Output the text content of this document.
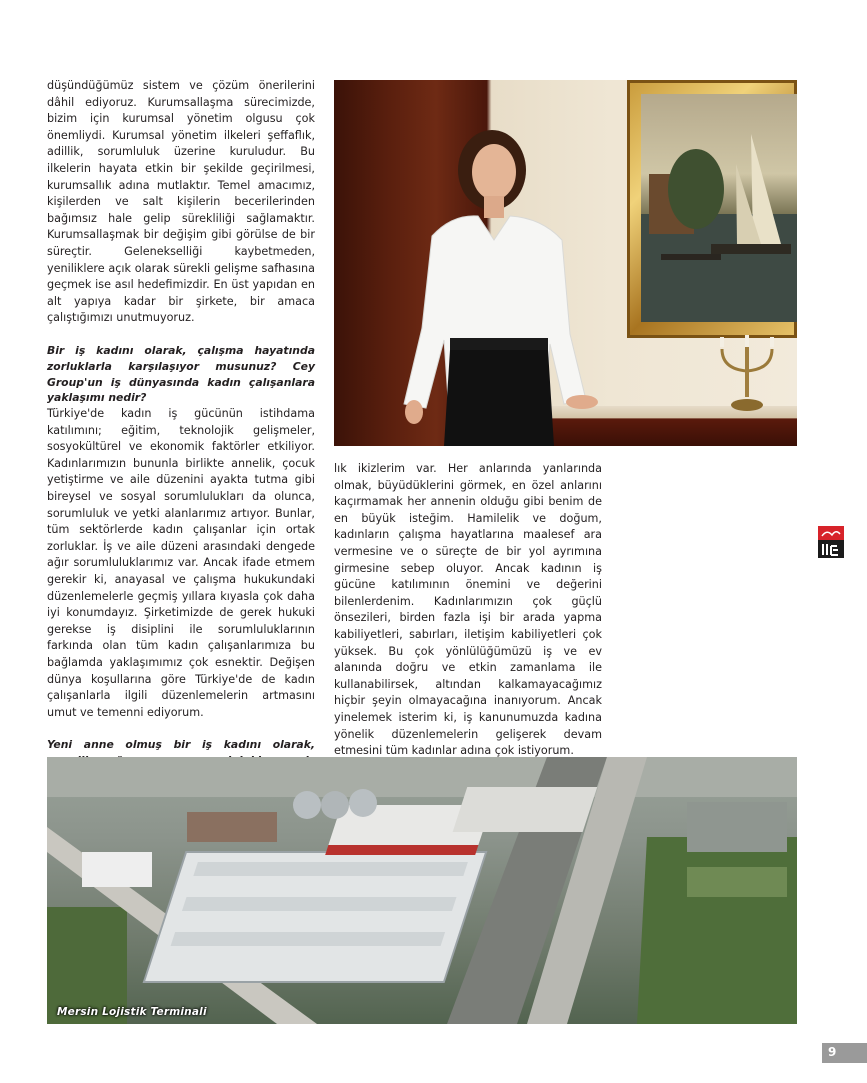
düşündüğümüz sistem ve çözüm önerilerini dâhil ediyoruz. Kurumsallaşma sürecimizde, bizim için kurumsal yönetim olgusu çok önemliydi. Kurumsal yönetim ilkeleri şeffaflık, adillik, sorumluluk üzerine kuruludur. Bu ilkelerin hayata etkin bir şekilde geçirilmesi, kurumsallık adına mutlaktır. Temel amacımız, kişilerden ve salt kişilerin becerilerinden bağımsız hale gelip sürekliliği sağlamaktır. Kurumsallaşmak bir değişim gibi görülse de bir süreçtir. Gelenekselliği kaybetmeden, yeniliklere açık olarak sürekli gelişme safhasına geçmek ise asıl hedefimizdir. En üst yapıdan en alt yapıya kadar bir şirkete, bir amaca çalıştığımızı unutmuyoruz.

Bir iş kadını olarak, çalışma hayatında zorluklarla karşılaşıyor musunuz? Cey Group'un iş dünyasında kadın çalışanlara yaklaşımı nedir?

Türkiye'de kadın iş gücünün istihdama katılımını; eğitim, teknolojik gelişmeler, sosyokültürel ve ekonomik faktörler etkiliyor. Kadınlarımızın bununla birlikte annelik, çocuk yetiştirme ve aile düzenini ayakta tutma gibi bireysel ve sosyal sorumlulukları da olunca, sorumluluk ve yetki alanlarımız artıyor. Bunlar, tüm sektörlerde kadın çalışanlar için ortak zorluklar. İş ve aile düzeni arasındaki dengede ağır sorumluluklarımız var. Ancak ifade etmem gerekir ki, anayasal ve çalışma hukukundaki düzenlemelerle geçmiş yıllara kıyasla çok daha iyi konumdayız. Şirketimizde de gerek hukuki gerekse iş disiplini ile sorumluluklarının farkında olan tüm kadın çalışanlarımıza bu bağlamda yaklaşımımız çok esnektir. Değişen dünya koşullarına göre Türkiye'de de kadın çalışanlarla ilgili düzenlemelerin artmasını umut ve temenni ediyorum.

Yeni anne olmuş bir iş kadını olarak,

lık ikizlerim var. Her anlarında yanlarında olmak, büyüdüklerini görmek, en özel anlarını kaçırmamak her annenin olduğu gibi benim de en büyük isteğim. Hamilelik ve doğum, kadınların çalışma hayatlarına maalesef ara vermesine ve o süreçte de bir yol ayrımına girmesine sebep oluyor. Ancak kadının iş gücüne katılımının önemini ve değerini bilenlerdenim. Kadınlarımızın çok güçlü önsezileri, birden fazla işi bir arada yapma kabiliyetleri, sabırları, iletişim kabiliyetleri çok yüksek. Bu çok yönlülüğümüzü iş ve ev alanında doğru ve etkin zamanlama ile kullanabilirsek, altından kalkamayacağımız hiçbir şeyin olmayacağına inanıyorum. Ancak yinelemek isterim ki, iş kanunumuzda kadına yönelik düzenlemelerin gelişerek devam etmesini tüm kadınlar adına çok istiyorum.

Mersin Lojistik Terminali
9
